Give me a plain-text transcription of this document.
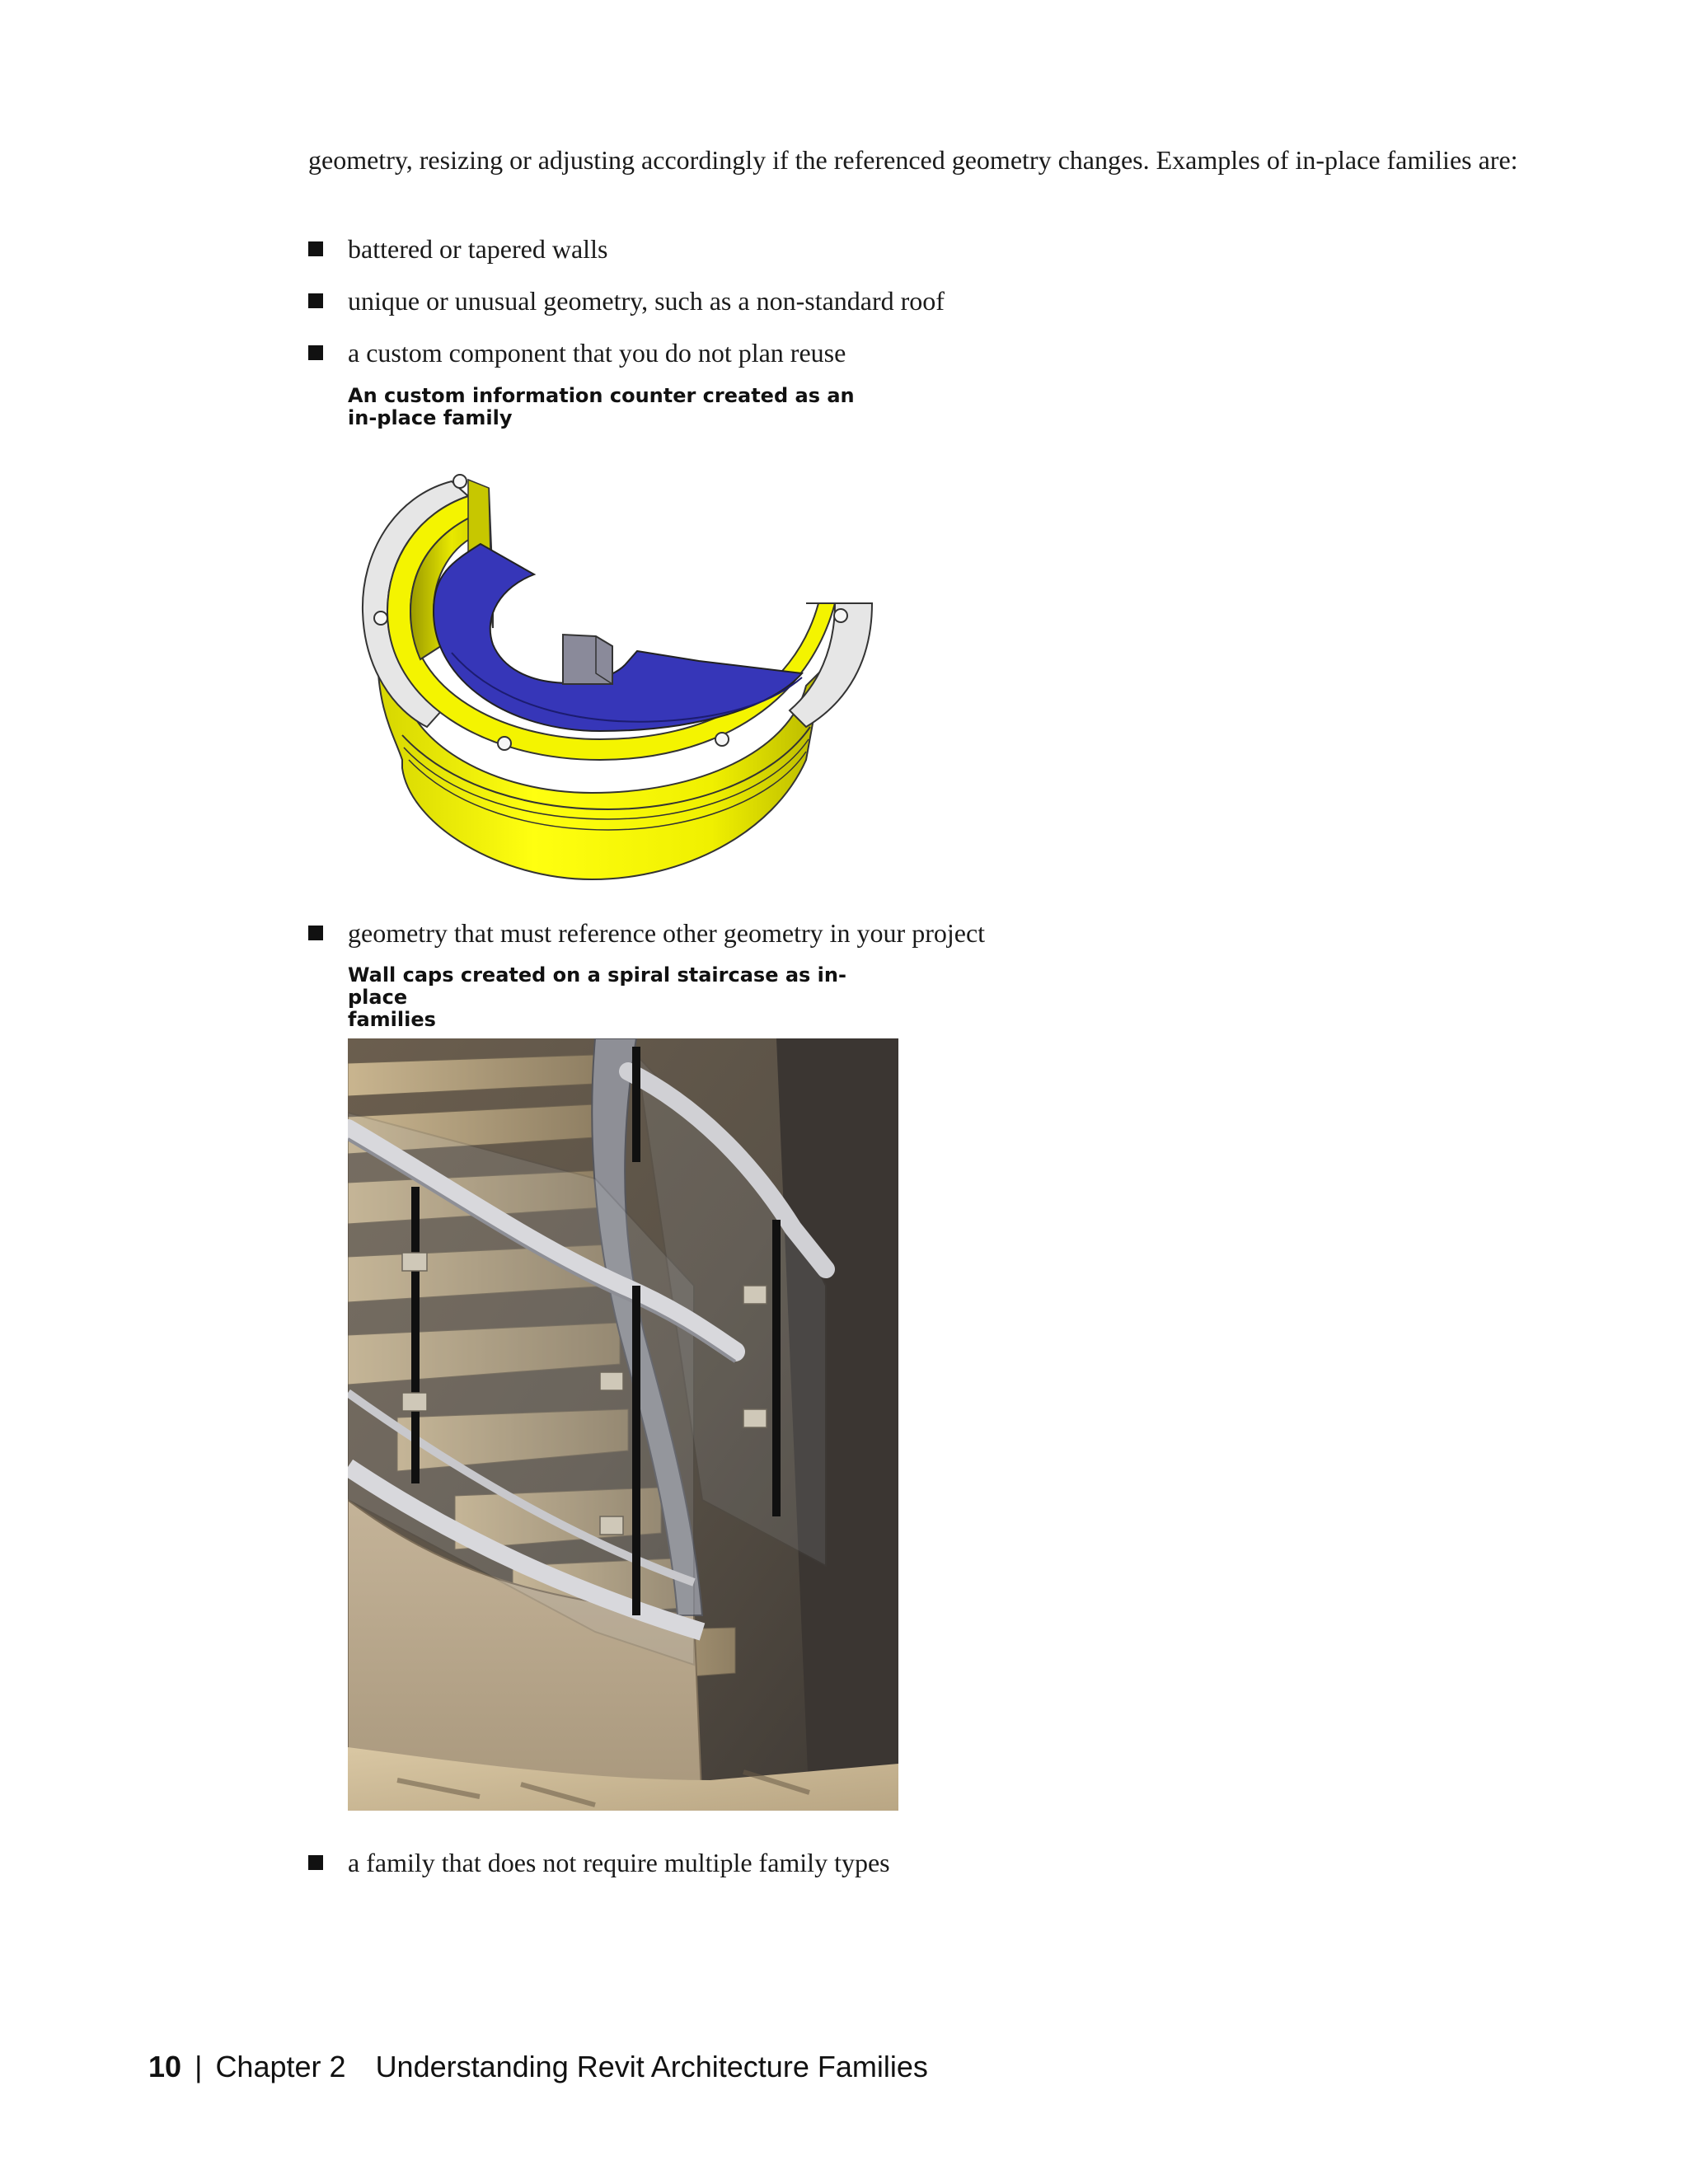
geometry, resizing or adjusting accordingly if the referenced geometry changes. Examples of in-place families are:

battered or tapered walls
unique or unusual geometry, such as a non-standard roof
a custom component that you do not plan reuse

An custom information counter created as an
in-place family

geometry that must reference other geometry in your project

Wall caps created on a spiral staircase as in-place
families

a family that does not require multiple family types
10 | Chapter 2 Understanding Revit Architecture Families
